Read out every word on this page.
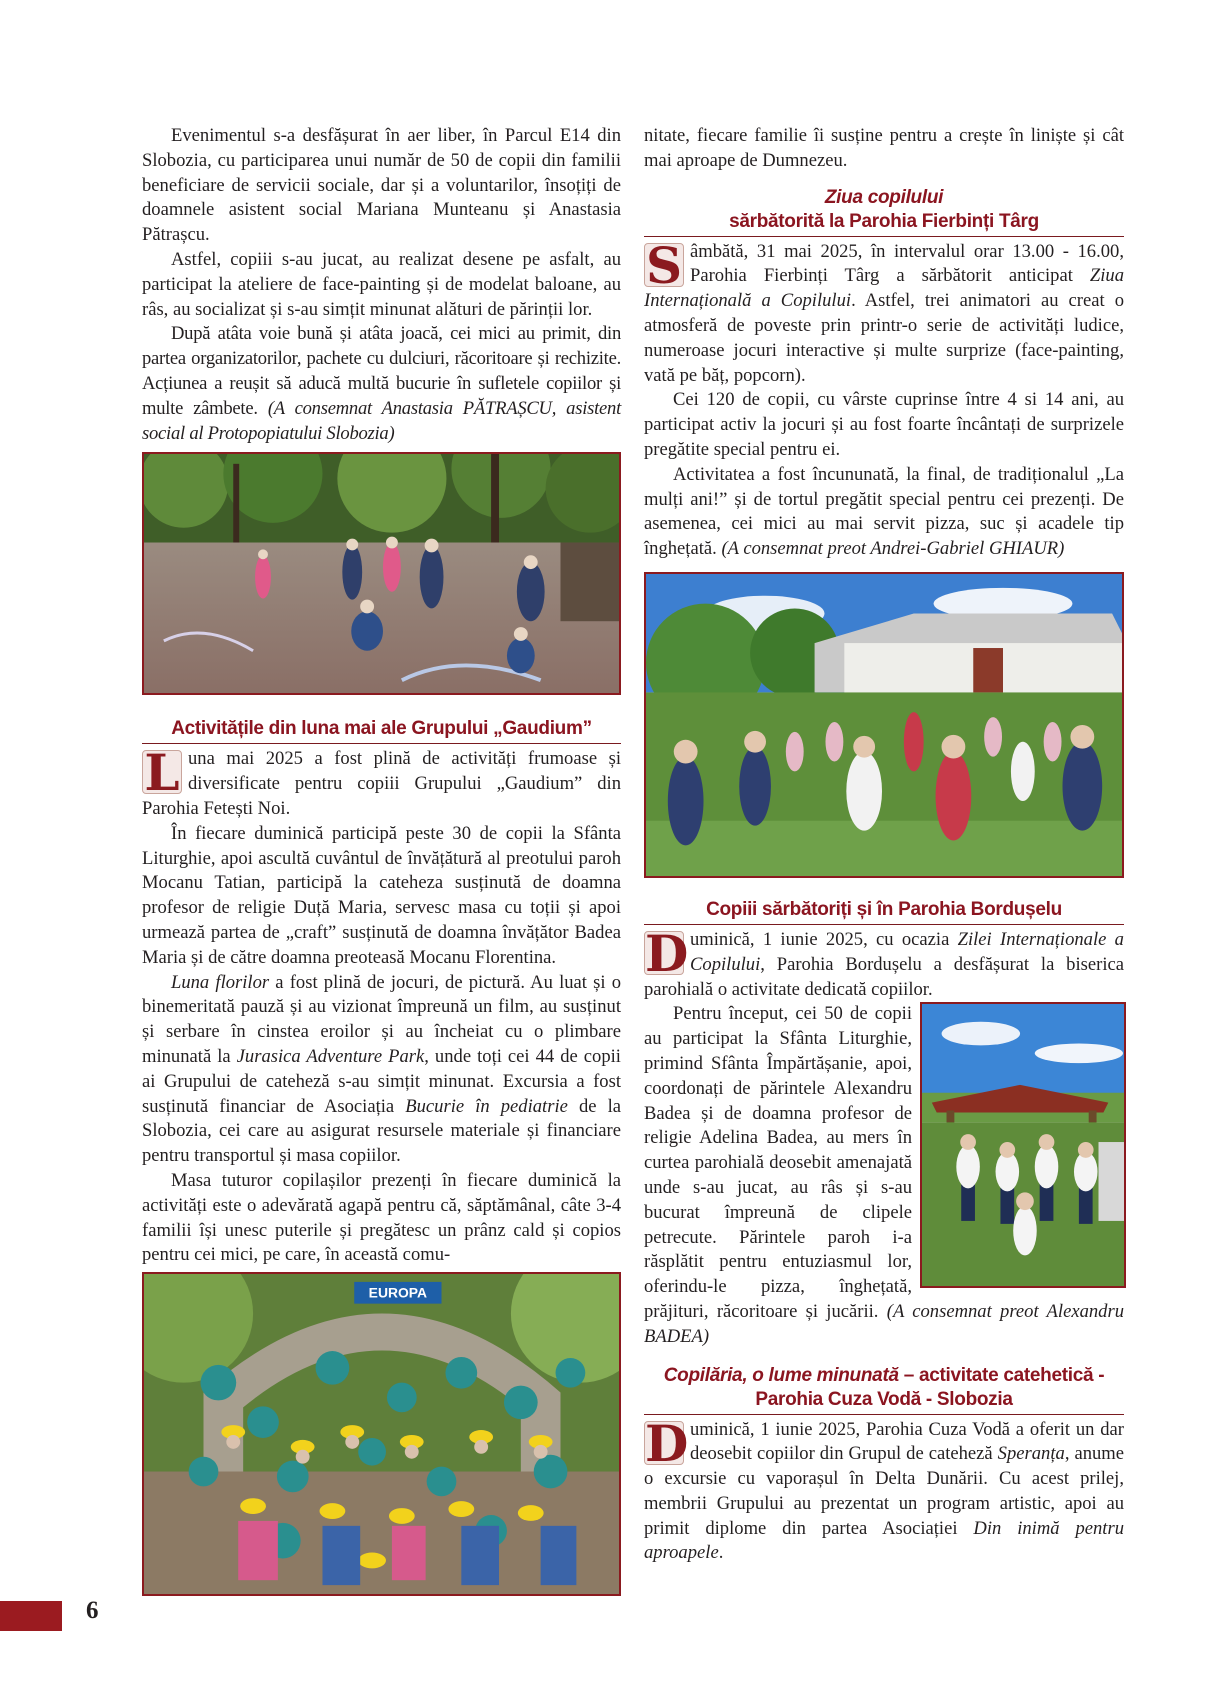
Evenimentul s-a desfășurat în aer liber, în Parcul E14 din Slobozia, cu participarea unui număr de 50 de copii din familii beneficiare de servicii sociale, dar și a voluntarilor, însoțiți de doamnele asistent social Mariana Munteanu și Anastasia Pătrașcu.

Astfel, copiii s-au jucat, au realizat desene pe asfalt, au participat la ateliere de face-painting și de modelat baloane, au râs, au socializat și s-au simțit minunat alături de părinții lor.

După atâta voie bună și atâta joacă, cei mici au primit, din partea organizatorilor, pachete cu dulciuri, răcoritoare și rechizite. Acțiunea a reușit să aducă multă bucurie în sufletele copiilor și multe zâmbete. (A consemnat Anastasia PĂTRAȘCU, asistent social al Protopopiatului Slobozia)

Activitățile din luna mai ale Grupului „Gaudium”

L una mai 2025 a fost plină de activități frumoase și diversificate pentru copiii Grupului „Gaudium” din Parohia Fetești Noi.

În fiecare duminică participă peste 30 de copii la Sfânta Liturghie, apoi ascultă cuvântul de învățătură al preotului paroh Mocanu Tatian, participă la cateheza susținută de doamna profesor de religie Duță Maria, servesc masa cu toții și apoi urmează partea de „craft” susținută de doamna învățător Badea Maria și de către doamna preoteasă Mocanu Florentina.

Luna florilor a fost plină de jocuri, de pictură. Au luat și o binemeritată pauză și au vizionat împreună un film, au susținut și serbare în cinstea eroilor și au încheiat cu o plimbare minunată la Jurasica Adventure Park, unde toți cei 44 de copii ai Grupului de cateheză s-au simțit minunat. Excursia a fost susținută financiar de Asociația Bucurie în pediatrie de la Slobozia, cei care au asigurat resursele materiale și financiare pentru transportul și masa copiilor.

Masa tuturor copilașilor prezenți în fiecare duminică la activități este o adevărată agapă pentru că, săptămânal, câte 3-4 familii își unesc puterile și pregătesc un prânz cald și copios pentru cei mici, pe care, în această comu-

EUROPA

nitate, fiecare familie îi susține pentru a crește în liniște și cât mai aproape de Dumnezeu.

Ziua copilului
sărbătorită la Parohia Fierbinți Târg

S âmbătă, 31 mai 2025, în intervalul orar 13.00 - 16.00, Parohia Fierbinți Târg a sărbătorit anticipat Ziua Internațională a Copilului. Astfel, trei animatori au creat o atmosferă de poveste prin printr-o serie de activități ludice, numeroase jocuri interactive și multe surprize (face-painting, vată pe băț, popcorn).

Cei 120 de copii, cu vârste cuprinse între 4 si 14 ani, au participat activ la jocuri și au fost foarte încântați de surprizele pregătite special pentru ei.

Activitatea a fost încununată, la final, de tradiționalul „La mulți ani!” și de tortul pregătit special pentru cei prezenți. De asemenea, cei mici au mai servit pizza, suc și acadele tip înghețată. (A consemnat preot Andrei-Gabriel GHIAUR)

Copiii sărbătoriți și în Parohia Bordușelu

D uminică, 1 iunie 2025, cu ocazia Zilei Internaționale a Copilului, Parohia Bordușelu a desfășurat la biserica parohială o activitate dedicată copiilor.

Pentru început, cei 50 de copii au participat la Sfânta Liturghie, primind Sfânta Împărtășanie, apoi, coordonați de părintele Alexandru Badea și de doamna profesor de religie Adelina Badea, au mers în curtea parohială deosebit amenajată unde s-au jucat, au râs și s-au bucurat împreună de clipele petrecute. Părintele paroh i-a răsplătit pentru entuziasmul lor, oferindu-le pizza, înghețată, prăjituri, răcoritoare și jucării. (A consemnat preot Alexandru BADEA)

Copilăria, o lume minunată – activitate catehetică - Parohia Cuza Vodă - Slobozia

D uminică, 1 iunie 2025, Parohia Cuza Vodă a oferit un dar deosebit copiilor din Grupul de cateheză Speranța, anume o excursie cu vaporașul în Delta Dunării. Cu acest prilej, membrii Grupului au prezentat un program artistic, apoi au primit diplome din partea Asociației Din inimă pentru aproapele.

6
